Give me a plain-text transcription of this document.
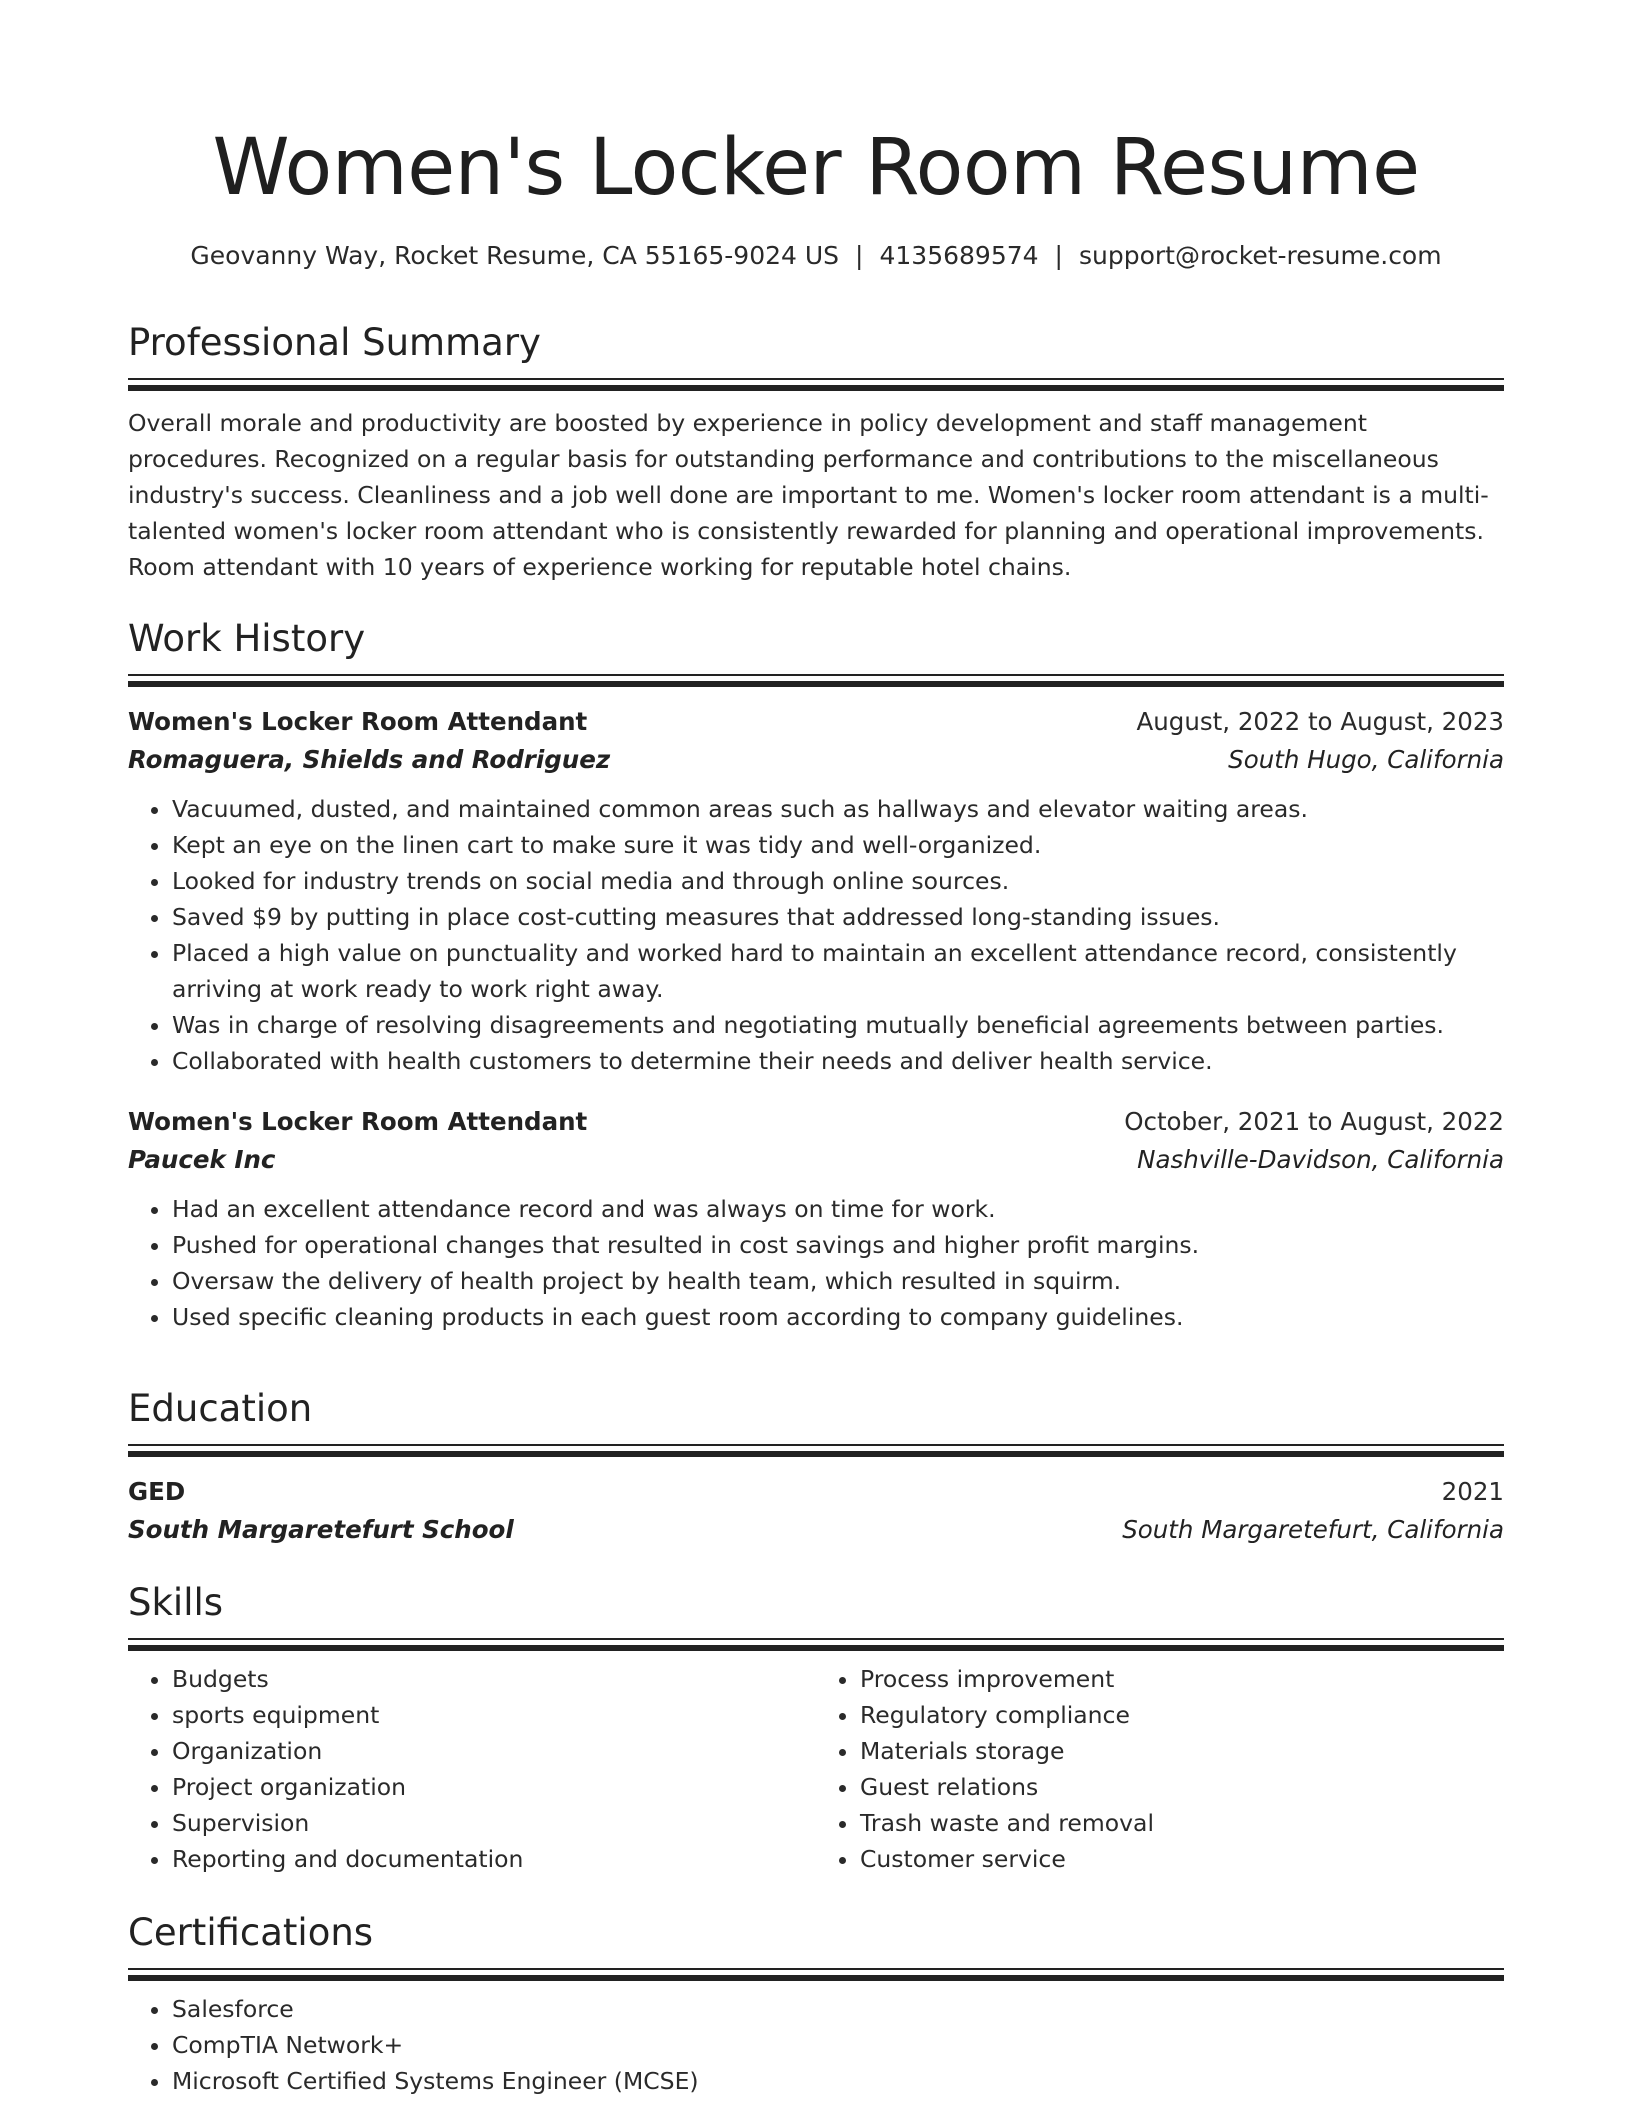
Women's Locker Room Resume
Geovanny Way, Rocket Resume, CA 55165-9024 US | 4135689574 | support@rocket-resume.com
Professional Summary
Overall morale and productivity are boosted by experience in policy development and staff management procedures. Recognized on a regular basis for outstanding performance and contributions to the miscellaneous industry's success. Cleanliness and a job well done are important to me. Women's locker room attendant is a multi-talented women's locker room attendant who is consistently rewarded for planning and operational improvements. Room attendant with 10 years of experience working for reputable hotel chains.
Work History
Women's Locker Room Attendant	August, 2022 to August, 2023
Romaguera, Shields and Rodriguez	South Hugo, California
• Vacuumed, dusted, and maintained common areas such as hallways and elevator waiting areas.
• Kept an eye on the linen cart to make sure it was tidy and well-organized.
• Looked for industry trends on social media and through online sources.
• Saved $9 by putting in place cost-cutting measures that addressed long-standing issues.
• Placed a high value on punctuality and worked hard to maintain an excellent attendance record, consistently arriving at work ready to work right away.
• Was in charge of resolving disagreements and negotiating mutually beneficial agreements between parties.
• Collaborated with health customers to determine their needs and deliver health service.
Women's Locker Room Attendant	October, 2021 to August, 2022
Paucek Inc	Nashville-Davidson, California
• Had an excellent attendance record and was always on time for work.
• Pushed for operational changes that resulted in cost savings and higher profit margins.
• Oversaw the delivery of health project by health team, which resulted in squirm.
• Used specific cleaning products in each guest room according to company guidelines.
Education
GED	2021
South Margaretefurt School	South Margaretefurt, California
Skills
• Budgets
• sports equipment
• Organization
• Project organization
• Supervision
• Reporting and documentation
• Process improvement
• Regulatory compliance
• Materials storage
• Guest relations
• Trash waste and removal
• Customer service
Certifications
• Salesforce
• CompTIA Network+
• Microsoft Certified Systems Engineer (MCSE)
